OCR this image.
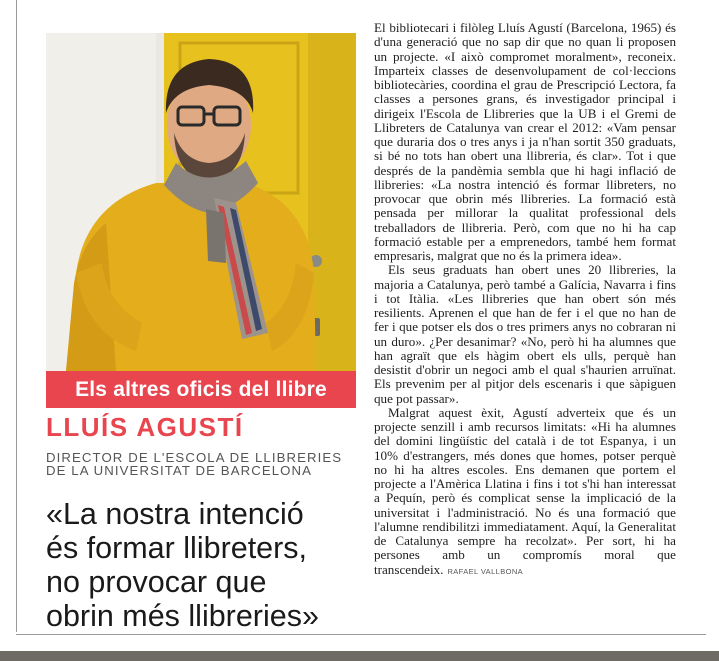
Els altres oficis del llibre
LLUÍS AGUSTÍ
DIRECTOR DE L'ESCOLA DE LLIBRERIES
DE LA UNIVERSITAT DE BARCELONA
«La nostra intenció
és formar llibreters,
no provocar que
obrin més llibreries»

El bibliotecari i filòleg Lluís Agustí (Barcelona, 1965) és d'una generació que no sap dir que no quan li proposen un projecte. «I això compromet moralment», reconeix. Imparteix classes de desenvolupament de col·leccions bibliotecàries, coordina el grau de Prescripció Lectora, fa classes a persones grans, és investigador principal i dirigeix l'Escola de Llibreries que la UB i el Gremi de Llibreters de Catalunya van crear el 2012: «Vam pensar que duraria dos o tres anys i ja n'han sortit 350 graduats, si bé no tots han obert una llibreria, és clar». Tot i que després de la pandèmia sembla que hi hagi inflació de llibreries: «La nostra intenció és formar llibreters, no provocar que obrin més llibreries. La formació està pensada per millorar la qualitat professional dels treballadors de llibreria. Però, com que no hi ha cap formació estable per a emprenedors, també hem format empresaris, malgrat que no és la primera idea».

Els seus graduats han obert unes 20 llibreries, la majoria a Catalunya, però també a Galícia, Navarra i fins i tot Itàlia. «Les llibreries que han obert són més resilients. Aprenen el que han de fer i el que no han de fer i que potser els dos o tres primers anys no cobraran ni un duro». ¿Per desanimar? «No, però hi ha alumnes que han agraït que els hàgim obert els ulls, perquè han desistit d'obrir un negoci amb el qual s'haurien arruïnat. Els prevenim per al pitjor dels escenaris i que sàpiguen que pot passar».

Malgrat aquest èxit, Agustí adverteix que és un projecte senzill i amb recursos limitats: «Hi ha alumnes del domini lingüístic del català i de tot Espanya, i un 10% d'estrangers, més dones que homes, potser perquè no hi ha altres escoles. Ens demanen que portem el projecte a l'Amèrica Llatina i fins i tot s'hi han interessat a Pequín, però és complicat sense la implicació de la universitat i l'administració. No és una formació que l'alumne rendibilitzi immediatament. Aquí, la Generalitat de Catalunya sempre ha recolzat». Per sort, hi ha persones amb un compromís moral que transcendeix. RAFAEL VALLBONA
